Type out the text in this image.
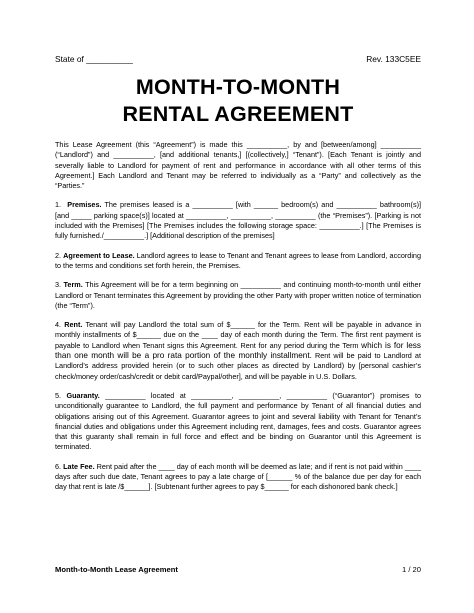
State of __________	Rev. 133C5EE
MONTH-TO-MONTH
RENTAL AGREEMENT

This Lease Agreement (this “Agreement”) is made this __________, by and [between/among] __________ (“Landlord”) and __________, [and additional tenants,] [(collectively,] “Tenant”). [Each Tenant is jointly and severally liable to Landlord for payment of rent and performance in accordance with all other terms of this Agreement.] Each Landlord and Tenant may be referred to individually as a “Party” and collectively as the “Parties.”

1. Premises. The premises leased is a __________ [with ______ bedroom(s) and __________ bathroom(s)] [and _____ parking space(s)] located at __________, __________, __________ (the “Premises”). [Parking is not included with the Premises] [The Premises includes the following storage space: __________.] [The Premises is fully furnished./__________.] [Additional description of the premises]

2. Agreement to Lease. Landlord agrees to lease to Tenant and Tenant agrees to lease from Landlord, according to the terms and conditions set forth herein, the Premises.

3. Term. This Agreement will be for a term beginning on __________ and continuing month-to-month until either Landlord or Tenant terminates this Agreement by providing the other Party with proper written notice of termination (the “Term”).

4. Rent. Tenant will pay Landlord the total sum of $______ for the Term. Rent will be payable in advance in monthly installments of $______ due on the ____ day of each month during the Term. The first rent payment is payable to Landlord when Tenant signs this Agreement. Rent for any period during the Term which is for less than one month will be a pro rata portion of the monthly installment. Rent will be paid to Landlord at Landlord’s address provided herein (or to such other places as directed by Landlord) by [personal cashier’s check/money order/cash/credit or debit card/Paypal/other], and will be payable in U.S. Dollars.

5. Guaranty. __________ located at __________, __________, __________ (“Guarantor”) promises to unconditionally guarantee to Landlord, the full payment and performance by Tenant of all financial duties and obligations arising out of this Agreement. Guarantor agrees to joint and several liability with Tenant for Tenant’s financial duties and obligations under this Agreement including rent, damages, fees and costs. Guarantor agrees that this guaranty shall remain in full force and effect and be binding on Guarantor until this Agreement is terminated.

6. Late Fee. Rent paid after the ____ day of each month will be deemed as late; and if rent is not paid within ____ days after such due date, Tenant agrees to pay a late charge of [______ % of the balance due per day for each day that rent is late /$______]. [Subtenant further agrees to pay $______ for each dishonored bank check.]

Month-to-Month Lease Agreement	1 / 20
